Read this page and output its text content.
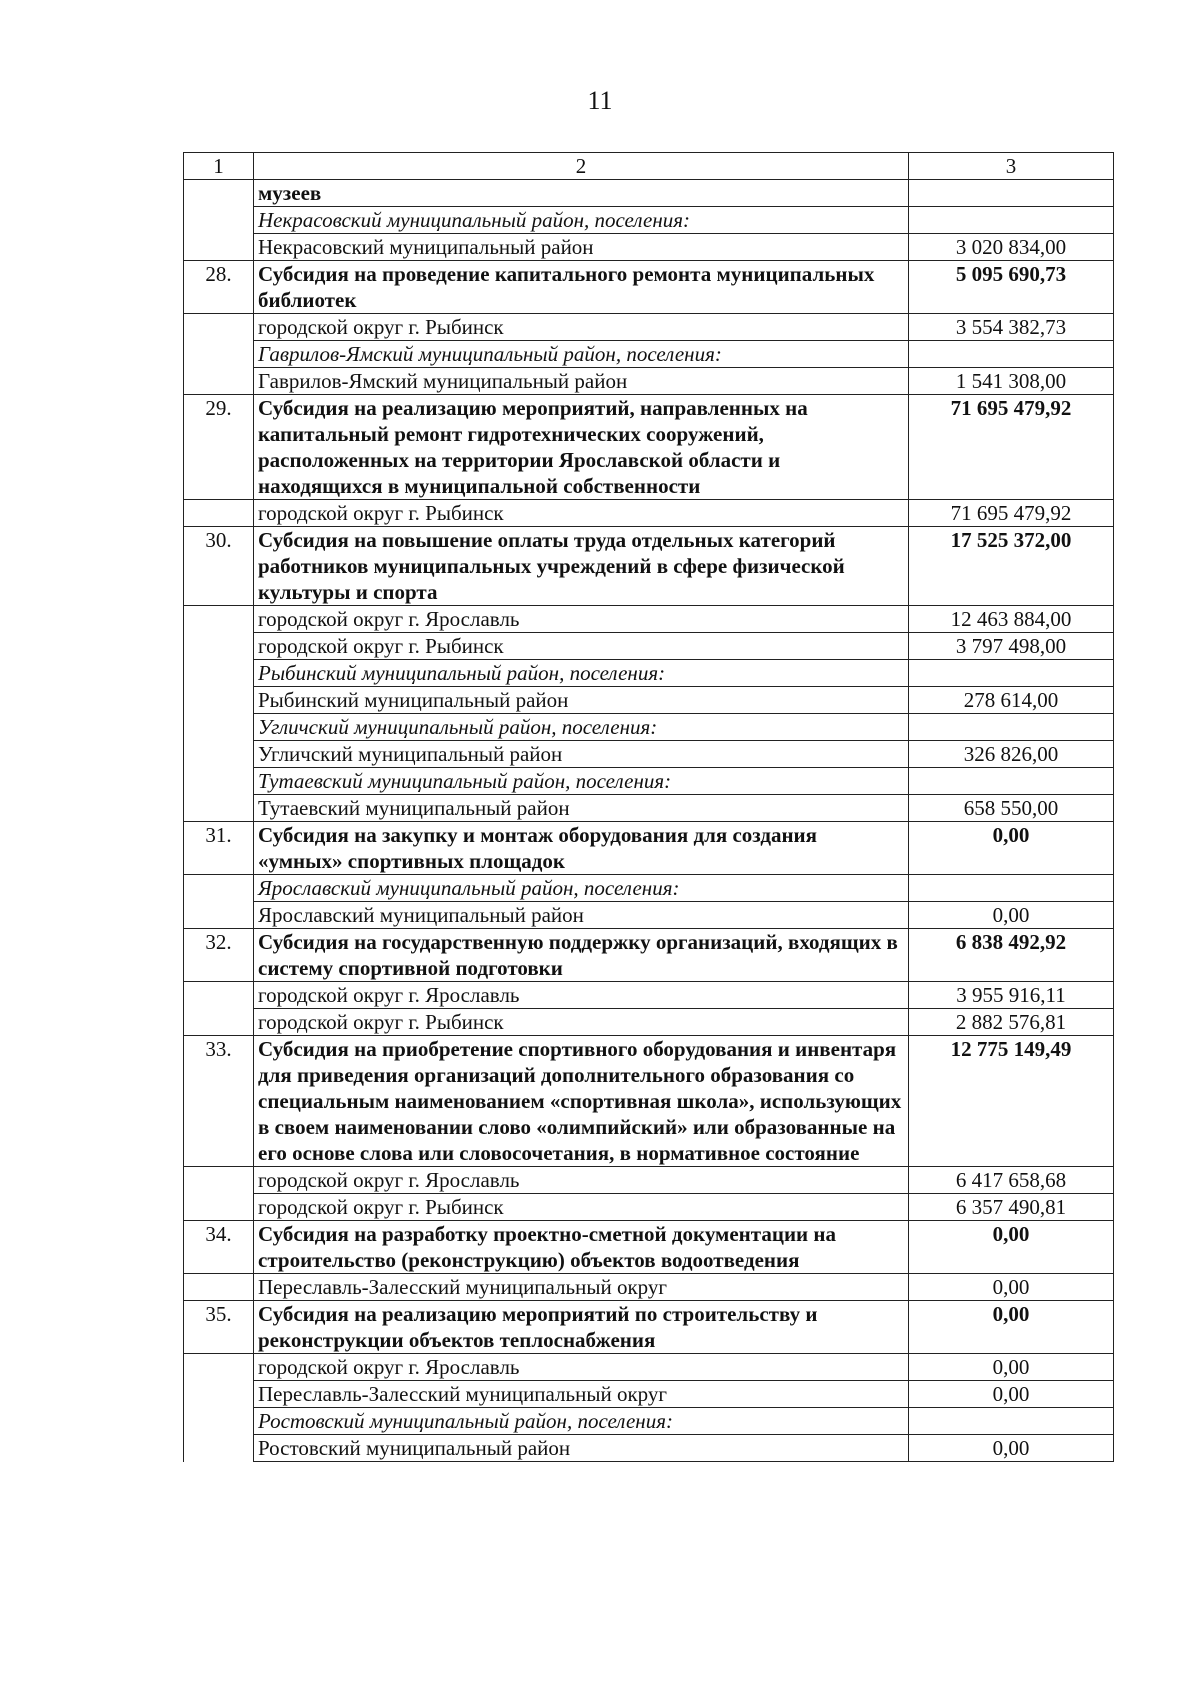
11
1	2	3
	музеев	
	Некрасовский муниципальный район, поселения:	
	Некрасовский муниципальный район	3 020 834,00
28.	Субсидия на проведение капитального ремонта муниципальных библиотек	5 095 690,73
	городской округ г. Рыбинск	3 554 382,73
	Гаврилов-Ямский муниципальный район, поселения:	
	Гаврилов-Ямский муниципальный район	1 541 308,00
29.	Субсидия на реализацию мероприятий, направленных на капитальный ремонт гидротехнических сооружений, расположенных на территории Ярославской области и находящихся в муниципальной собственности	71 695 479,92
	городской округ г. Рыбинск	71 695 479,92
30.	Субсидия на повышение оплаты труда отдельных категорий работников муниципальных учреждений в сфере физической культуры и спорта	17 525 372,00
	городской округ г. Ярославль	12 463 884,00
	городской округ г. Рыбинск	3 797 498,00
	Рыбинский муниципальный район, поселения:	
	Рыбинский муниципальный район	278 614,00
	Угличский муниципальный район, поселения:	
	Угличский муниципальный район	326 826,00
	Тутаевский муниципальный район, поселения:	
	Тутаевский муниципальный район	658 550,00
31.	Субсидия на закупку и монтаж оборудования для создания «умных» спортивных площадок	0,00
	Ярославский муниципальный район, поселения:	
	Ярославский муниципальный район	0,00
32.	Субсидия на государственную поддержку организаций, входящих в систему спортивной подготовки	6 838 492,92
	городской округ г. Ярославль	3 955 916,11
	городской округ г. Рыбинск	2 882 576,81
33.	Субсидия на приобретение спортивного оборудования и инвентаря для приведения организаций дополнительного образования со специальным наименованием «спортивная школа», использующих в своем наименовании слово «олимпийский» или образованные на его основе слова или словосочетания, в нормативное состояние	12 775 149,49
	городской округ г. Ярославль	6 417 658,68
	городской округ г. Рыбинск	6 357 490,81
34.	Субсидия на разработку проектно-сметной документации на строительство (реконструкцию) объектов водоотведения	0,00
	Переславль-Залесский муниципальный округ	0,00
35.	Субсидия на реализацию мероприятий по строительству и реконструкции объектов теплоснабжения	0,00
	городской округ г. Ярославль	0,00
	Переславль-Залесский муниципальный округ	0,00
	Ростовский муниципальный район, поселения:	
	Ростовский муниципальный район	0,00
